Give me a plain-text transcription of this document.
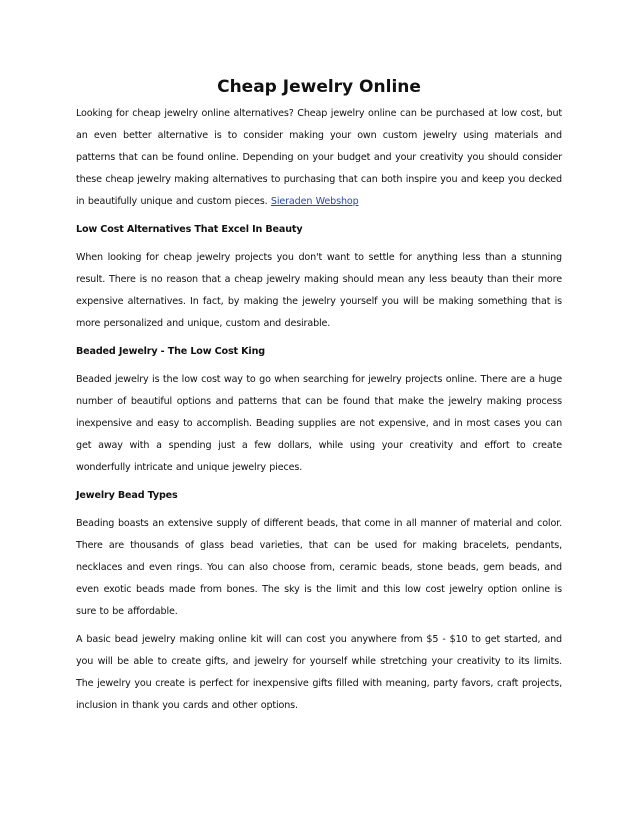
Cheap Jewelry Online

Looking for cheap jewelry online alternatives? Cheap jewelry online can be purchased at low cost, but an even better alternative is to consider making your own custom jewelry using materials and patterns that can be found online. Depending on your budget and your creativity you should consider these cheap jewelry making alternatives to purchasing that can both inspire you and keep you decked in beautifully unique and custom pieces. Sieraden Webshop

Low Cost Alternatives That Excel In Beauty

When looking for cheap jewelry projects you don't want to settle for anything less than a stunning result. There is no reason that a cheap jewelry making should mean any less beauty than their more expensive alternatives. In fact, by making the jewelry yourself you will be making something that is more personalized and unique, custom and desirable.

Beaded Jewelry - The Low Cost King

Beaded jewelry is the low cost way to go when searching for jewelry projects online. There are a huge number of beautiful options and patterns that can be found that make the jewelry making process inexpensive and easy to accomplish. Beading supplies are not expensive, and in most cases you can get away with a spending just a few dollars, while using your creativity and effort to create wonderfully intricate and unique jewelry pieces.

Jewelry Bead Types

Beading boasts an extensive supply of different beads, that come in all manner of material and color. There are thousands of glass bead varieties, that can be used for making bracelets, pendants, necklaces and even rings. You can also choose from, ceramic beads, stone beads, gem beads, and even exotic beads made from bones. The sky is the limit and this low cost jewelry option online is sure to be affordable.

A basic bead jewelry making online kit will can cost you anywhere from $5 - $10 to get started, and you will be able to create gifts, and jewelry for yourself while stretching your creativity to its limits. The jewelry you create is perfect for inexpensive gifts filled with meaning, party favors, craft projects, inclusion in thank you cards and other options.
